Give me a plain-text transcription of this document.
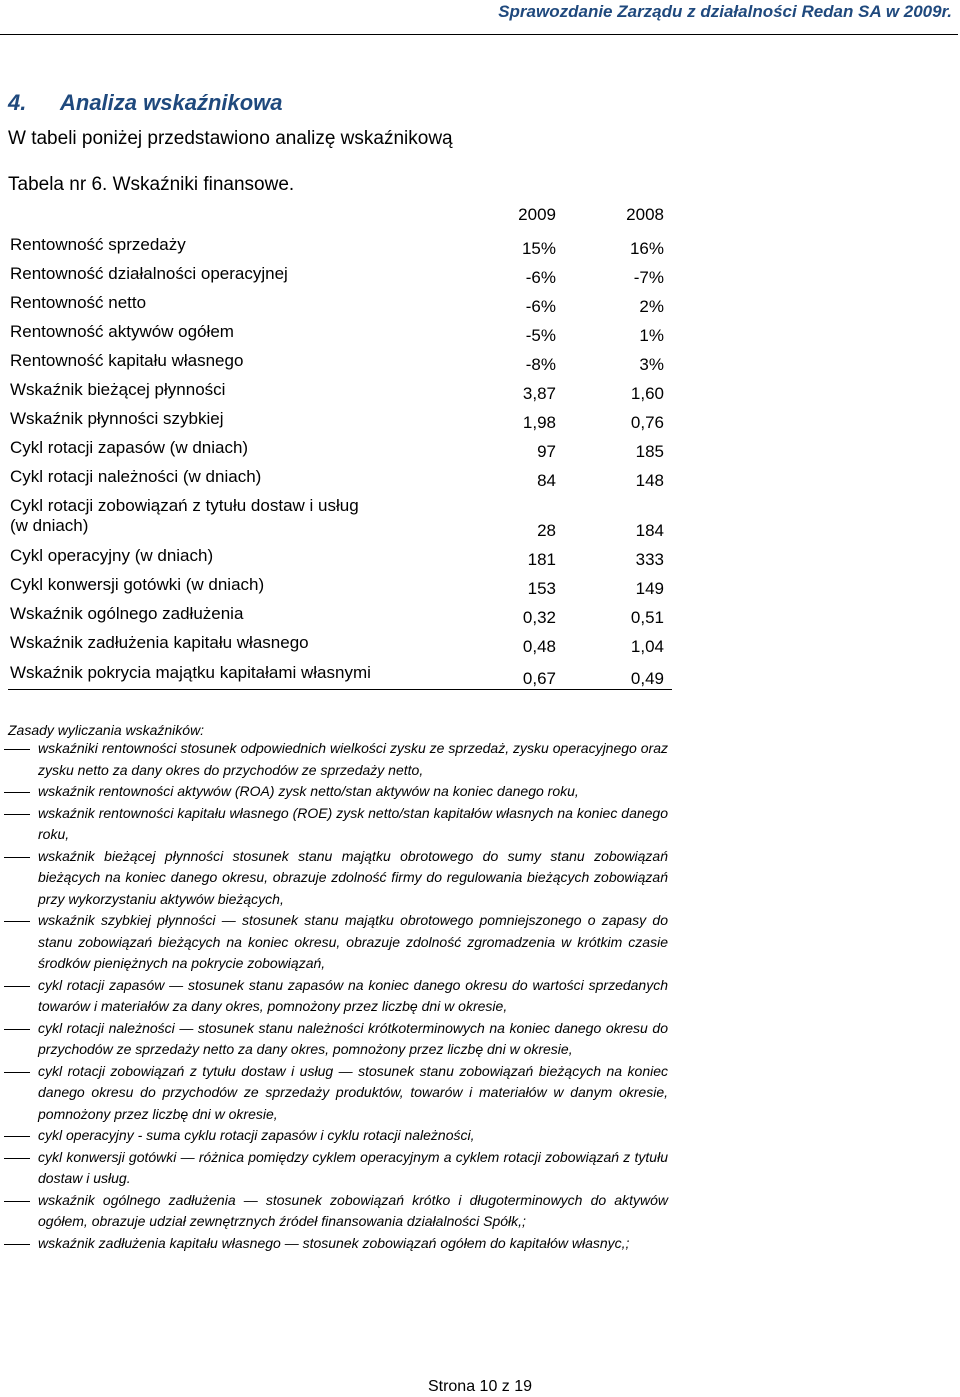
Sprawozdanie Zarządu z działalności Redan SA w 2009r.
4. Analiza wskaźnikowa
W tabeli poniżej przedstawiono analizę wskaźnikową
Tabela nr 6. Wskaźniki finansowe.
	2009	2008
Rentowność sprzedaży	15%	16%
Rentowność działalności operacyjnej	-6%	-7%
Rentowność netto	-6%	2%
Rentowność aktywów ogółem	-5%	1%
Rentowność kapitału własnego	-8%	3%
Wskaźnik bieżącej płynności	3,87	1,60
Wskaźnik płynności szybkiej	1,98	0,76
Cykl rotacji zapasów (w dniach)	97	185
Cykl rotacji należności (w dniach)	84	148
Cykl rotacji zobowiązań z tytułu dostaw i usług
(w dniach)	28	184
Cykl operacyjny (w dniach)	181	333
Cykl konwersji gotówki (w dniach)	153	149
Wskaźnik ogólnego zadłużenia	0,32	0,51
Wskaźnik zadłużenia kapitału własnego	0,48	1,04
Wskaźnik pokrycia majątku kapitałami własnymi	0,67	0,49
Zasady wyliczania wskaźników:
wskaźniki rentowności stosunek odpowiednich wielkości zysku ze sprzedaż, zysku operacyjnego oraz zysku netto za dany okres do przychodów ze sprzedaży netto,
wskaźnik rentowności aktywów (ROA) zysk netto/stan aktywów na koniec danego roku,
wskaźnik rentowności kapitału własnego (ROE) zysk netto/stan kapitałów własnych na koniec danego roku,
wskaźnik bieżącej płynności stosunek stanu majątku obrotowego do sumy stanu zobowiązań bieżących na koniec danego okresu, obrazuje zdolność firmy do regulowania bieżących zobowiązań przy wykorzystaniu aktywów bieżących,
wskaźnik szybkiej płynności — stosunek stanu majątku obrotowego pomniejszonego o zapasy do stanu zobowiązań bieżących na koniec okresu, obrazuje zdolność zgromadzenia w krótkim czasie środków pieniężnych na pokrycie zobowiązań,
cykl rotacji zapasów — stosunek stanu zapasów na koniec danego okresu do wartości sprzedanych towarów i materiałów za dany okres, pomnożony przez liczbę dni w okresie,
cykl rotacji należności — stosunek stanu należności krótkoterminowych na koniec danego okresu do przychodów ze sprzedaży netto za dany okres, pomnożony przez liczbę dni w okresie,
cykl rotacji zobowiązań z tytułu dostaw i usług — stosunek stanu zobowiązań bieżących na koniec danego okresu do przychodów ze sprzedaży produktów, towarów i materiałów w danym okresie, pomnożony przez liczbę dni w okresie,
cykl operacyjny - suma cyklu rotacji zapasów i cyklu rotacji należności,
cykl konwersji gotówki — różnica pomiędzy cyklem operacyjnym a cyklem rotacji zobowiązań z tytułu dostaw i usług.
wskaźnik ogólnego zadłużenia — stosunek zobowiązań krótko i długoterminowych do aktywów ogółem, obrazuje udział zewnętrznych źródeł finansowania działalności Spółk,;
wskaźnik zadłużenia kapitału własnego — stosunek zobowiązań ogółem do kapitałów własnyc,;
Strona 10 z 19
